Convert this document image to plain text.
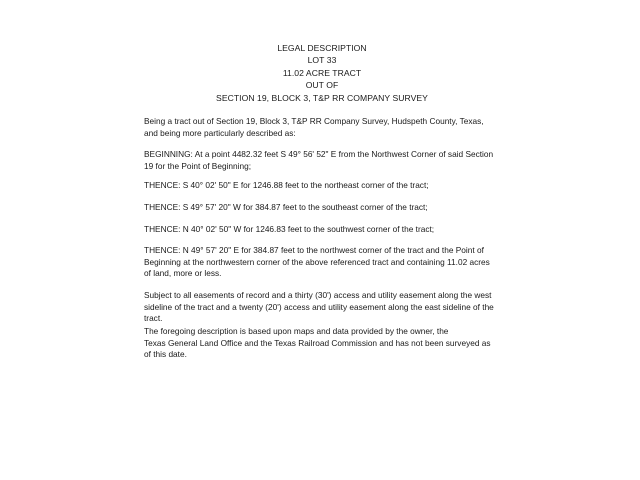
LEGAL DESCRIPTION
LOT 33
11.02 ACRE TRACT
OUT OF
SECTION 19, BLOCK 3, T&P RR COMPANY SURVEY
Being a tract out of Section 19, Block 3, T&P RR Company Survey, Hudspeth County, Texas,
and being more particularly described as:
BEGINNING: At a point 4482.32 feet S 49° 56' 52" E from the Northwest Corner of said Section
19 for the Point of Beginning;
THENCE: S 40° 02' 50" E for 1246.88 feet to the northeast corner of the tract;
THENCE: S 49° 57' 20" W for 384.87 feet to the southeast corner of the tract;
THENCE: N 40° 02' 50" W for 1246.83 feet to the southwest corner of the tract;
THENCE: N 49° 57' 20" E for 384.87 feet to the northwest corner of the tract and the Point of
Beginning at the northwestern corner of the above referenced tract and containing 11.02 acres
of land, more or less.
Subject to all easements of record and a thirty (30') access and utility easement along the west
sideline of the tract and a twenty (20') access and utility easement along the east sideline of the
tract.
The foregoing description is based upon maps and data provided by the owner, the
Texas General Land Office and the Texas Railroad Commission and has not been surveyed as
of this date.
